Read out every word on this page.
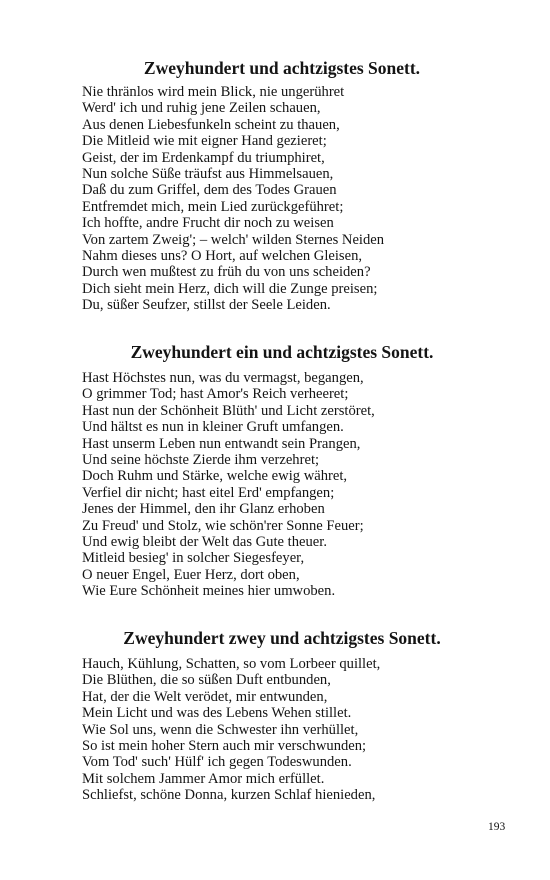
Zweyhundert und achtzigstes Sonett.
Nie thränlos wird mein Blick, nie ungerühret
Werd' ich und ruhig jene Zeilen schauen,
Aus denen Liebesfunkeln scheint zu thauen,
Die Mitleid wie mit eigner Hand gezieret;
Geist, der im Erdenkampf du triumphiret,
Nun solche Süße träufst aus Himmelsauen,
Daß du zum Griffel, dem des Todes Grauen
Entfremdet mich, mein Lied zurückgeführet;
Ich hoffte, andre Frucht dir noch zu weisen
Von zartem Zweig'; – welch' wilden Sternes Neiden
Nahm dieses uns? O Hort, auf welchen Gleisen,
Durch wen mußtest zu früh du von uns scheiden?
Dich sieht mein Herz, dich will die Zunge preisen;
Du, süßer Seufzer, stillst der Seele Leiden.
Zweyhundert ein und achtzigstes Sonett.
Hast Höchstes nun, was du vermagst, begangen,
O grimmer Tod; hast Amor's Reich verheeret;
Hast nun der Schönheit Blüth' und Licht zerstöret,
Und hältst es nun in kleiner Gruft umfangen.
Hast unserm Leben nun entwandt sein Prangen,
Und seine höchste Zierde ihm verzehret;
Doch Ruhm und Stärke, welche ewig währet,
Verfiel dir nicht; hast eitel Erd' empfangen;
Jenes der Himmel, den ihr Glanz erhoben
Zu Freud' und Stolz, wie schön'rer Sonne Feuer;
Und ewig bleibt der Welt das Gute theuer.
Mitleid besieg' in solcher Siegesfeyer,
O neuer Engel, Euer Herz, dort oben,
Wie Eure Schönheit meines hier umwoben.
Zweyhundert zwey und achtzigstes Sonett.
Hauch, Kühlung, Schatten, so vom Lorbeer quillet,
Die Blüthen, die so süßen Duft entbunden,
Hat, der die Welt verödet, mir entwunden,
Mein Licht und was des Lebens Wehen stillet.
Wie Sol uns, wenn die Schwester ihn verhüllet,
So ist mein hoher Stern auch mir verschwunden;
Vom Tod' such' Hülf' ich gegen Todeswunden.
Mit solchem Jammer Amor mich erfüllet.
Schliefst, schöne Donna, kurzen Schlaf hienieden,
193
